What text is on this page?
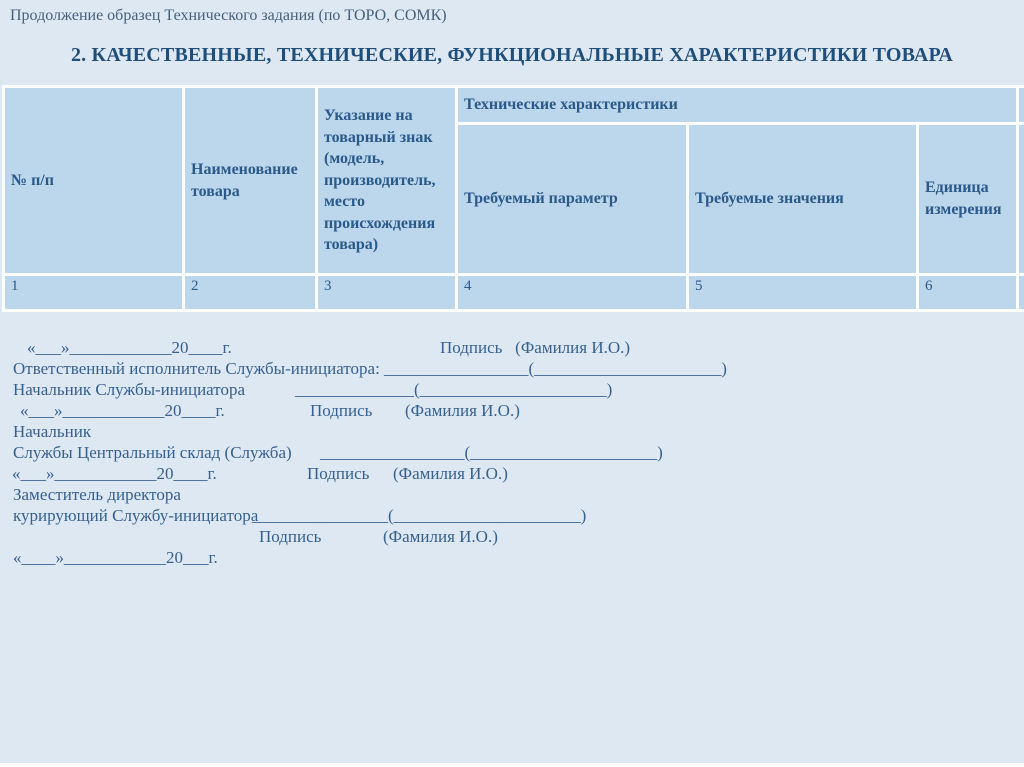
Продолжение образец Технического задания (по ТОРО, СОМК)
2. КАЧЕСТВЕННЫЕ, ТЕХНИЧЕСКИЕ, ФУНКЦИОНАЛЬНЫЕ ХАРАКТЕРИСТИКИ ТОВАРА
№ п/п	Наименование товара	Указание на товарный знак (модель, производитель, место происхождения товара)	Технические характеристики			
			Требуемый параметр	Требуемые значения	Единица измерения	
1	2	3	4	5	6	
«___»____________20____г.	Подпись   (Фамилия И.О.)
Ответственный исполнитель Службы-инициатора: _________________(______________________)
Начальник Службы-инициатора	______________(______________________)
«___»____________20____г.	Подпись (Фамилия И.О.)
Начальник
Службы Центральный склад (Служба) _________________(______________________)
«___»____________20____г.	Подпись (Фамилия И.О.)
Заместитель директора
курирующий Службу-инициатора
________________(______________________)
Подпись	(Фамилия И.О.)
«____»____________20___г.
